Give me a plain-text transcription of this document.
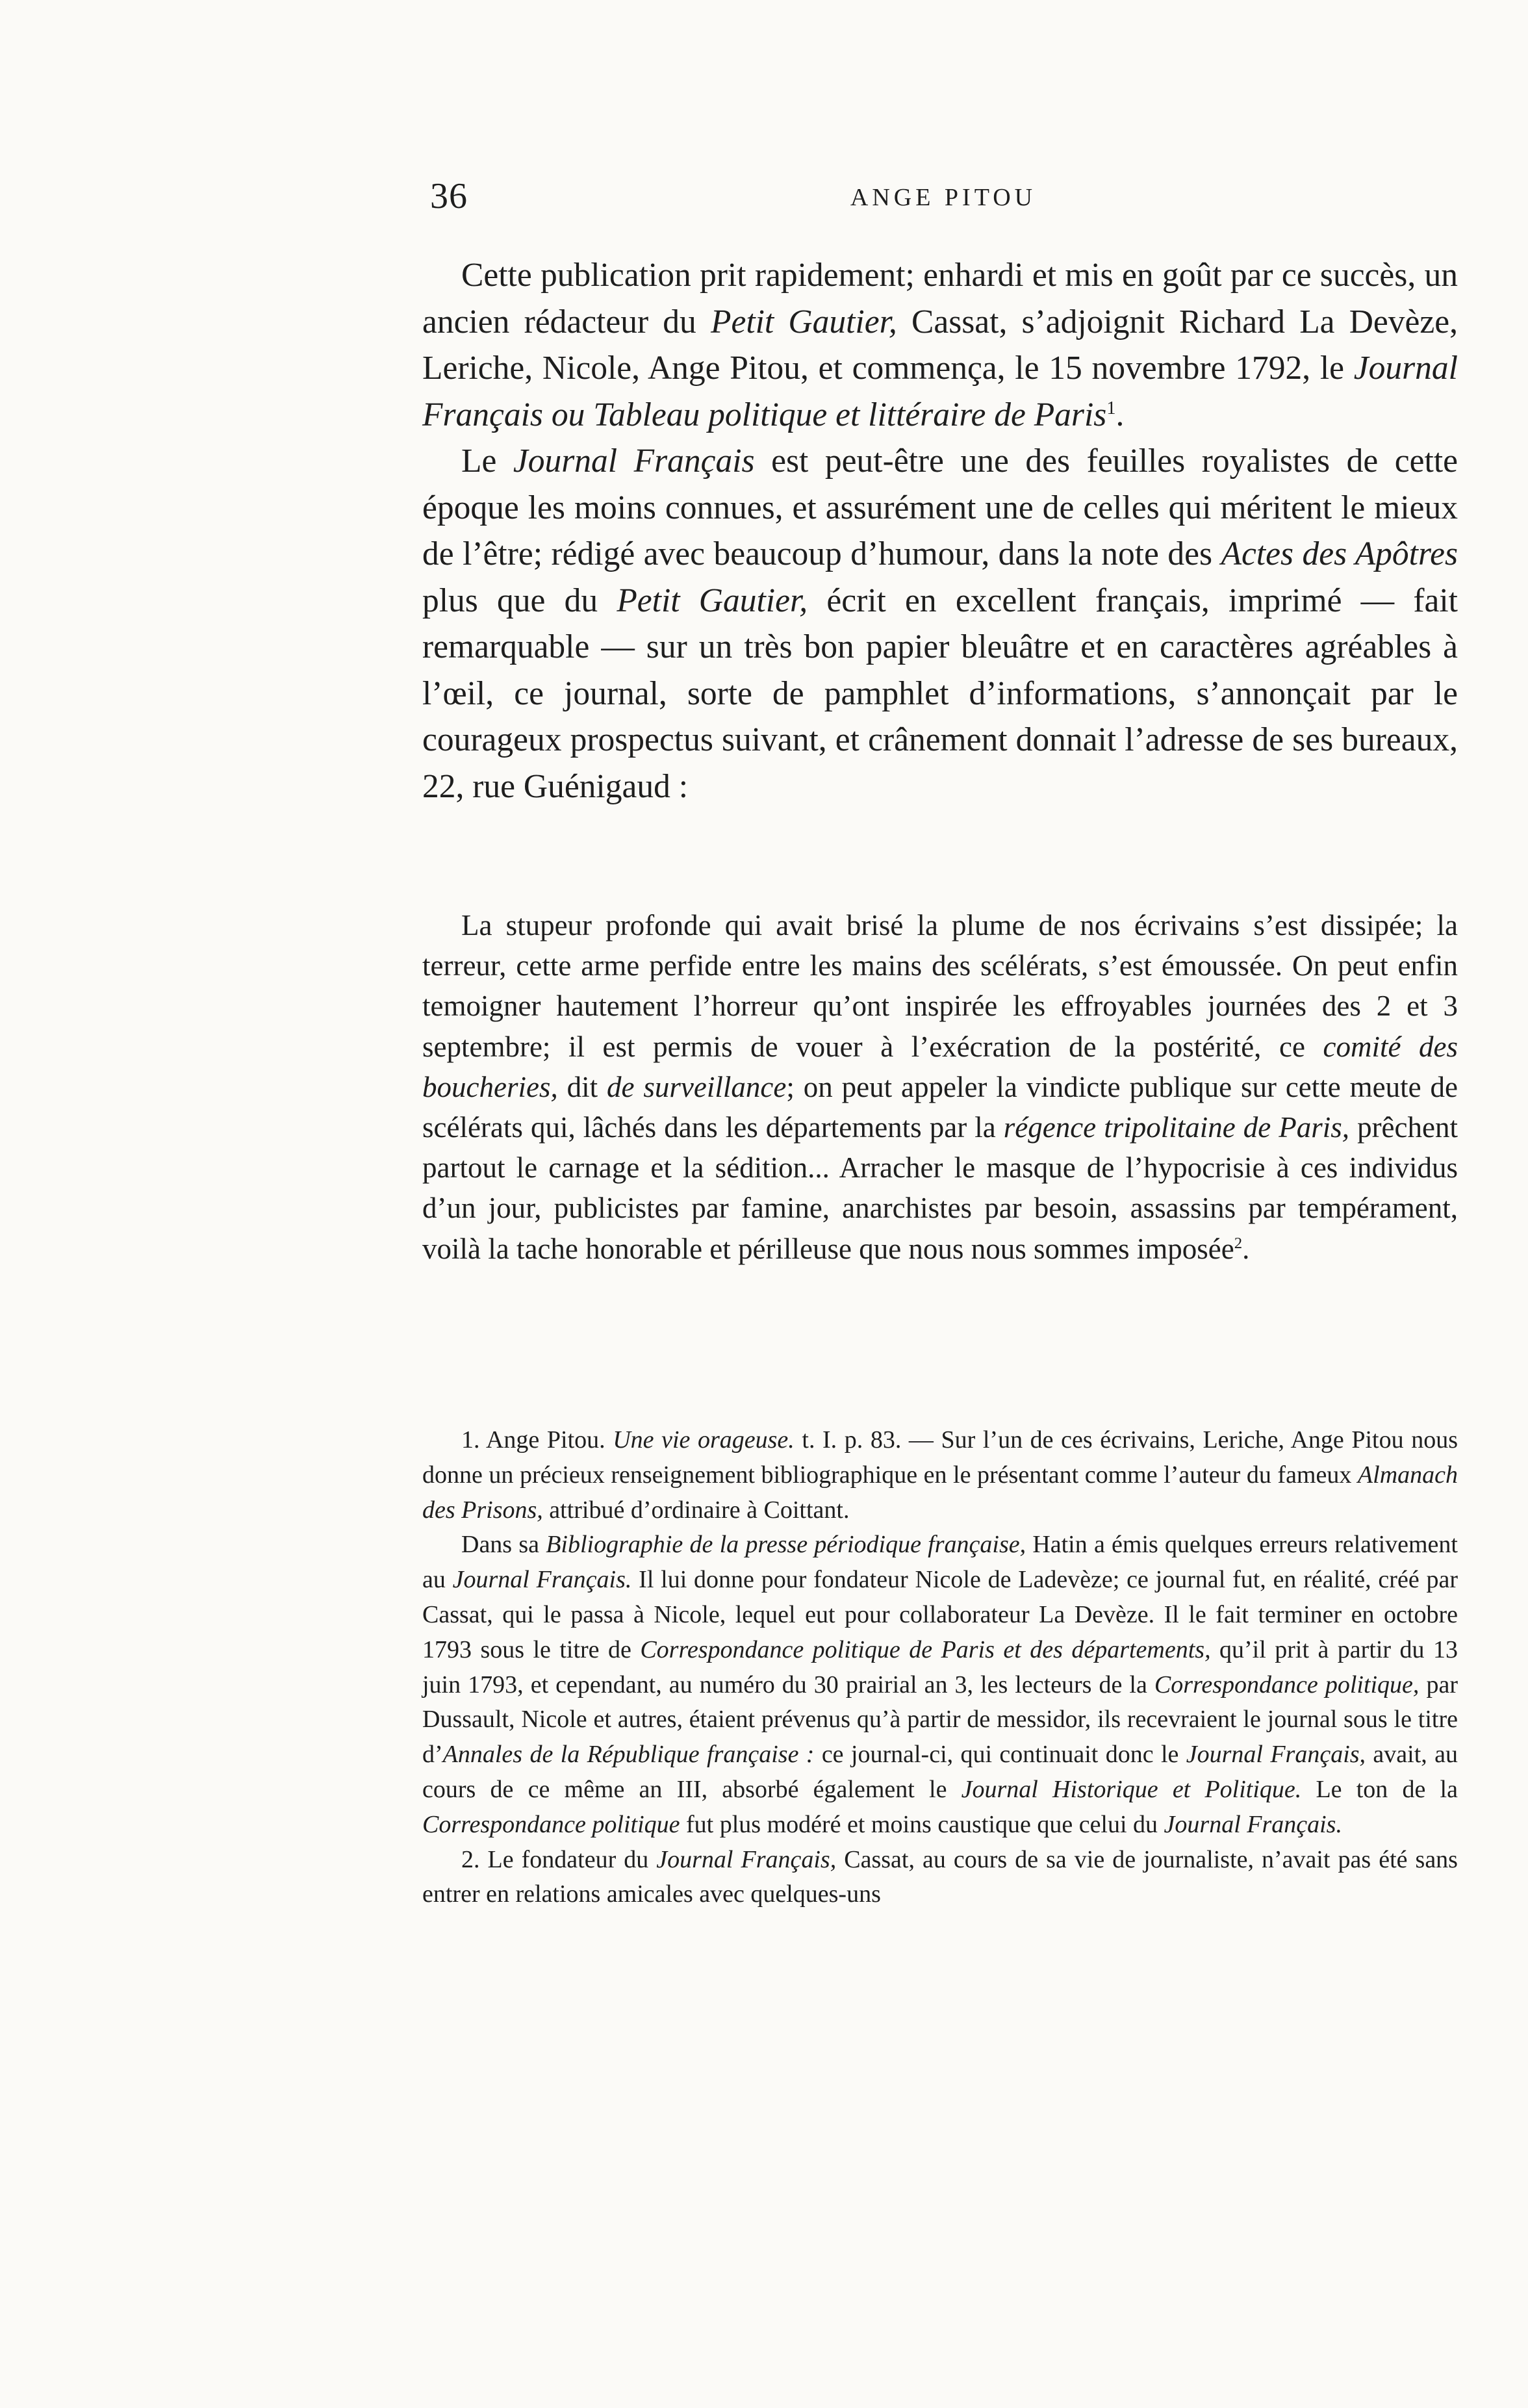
36	ANGE PITOU

Cette publication prit rapidement; enhardi et mis en goût par ce succès, un ancien rédacteur du Petit Gautier, Cassat, s’adjoignit Richard La Devèze, Leriche, Nicole, Ange Pitou, et commença, le 15 novembre 1792, le Journal Français ou Tableau politique et littéraire de Paris$^1$.

Le Journal Français est peut-être une des feuilles royalistes de cette époque les moins connues, et assurément une de celles qui méritent le mieux de l’être; rédigé avec beaucoup d’humour, dans la note des Actes des Apôtres plus que du Petit Gautier, écrit en excellent français, imprimé — fait remarquable — sur un très bon papier bleuâtre et en caractères agréables à l’œil, ce journal, sorte de pamphlet d’informations, s’annonçait par le courageux prospectus suivant, et crânement donnait l’adresse de ses bureaux, 22, rue Guénigaud :

La stupeur profonde qui avait brisé la plume de nos écrivains s’est dissipée; la terreur, cette arme perfide entre les mains des scélérats, s’est émoussée. On peut enfin temoigner hautement l’horreur qu’ont inspirée les effroyables journées des 2 et 3 septembre; il est permis de vouer à l’exécration de la postérité, ce comité des boucheries, dit de surveillance; on peut appeler la vindicte publique sur cette meute de scélérats qui, lâchés dans les départements par la régence tripolitaine de Paris, prêchent partout le carnage et la sédition... Arracher le masque de l’hypocrisie à ces individus d’un jour, publicistes par famine, anarchistes par besoin, assassins par tempérament, voilà la tache honorable et périlleuse que nous nous sommes imposée$^2$.

1. Ange Pitou. Une vie orageuse. t. I. p. 83. — Sur l’un de ces écrivains, Leriche, Ange Pitou nous donne un précieux renseignement bibliographique en le présentant comme l’auteur du fameux Almanach des Prisons, attribué d’ordinaire à Coittant.

Dans sa Bibliographie de la presse périodique française, Hatin a émis quelques erreurs relativement au Journal Français. Il lui donne pour fondateur Nicole de Ladevèze; ce journal fut, en réalité, créé par Cassat, qui le passa à Nicole, lequel eut pour collaborateur La Devèze. Il le fait terminer en octobre 1793 sous le titre de Correspondance politique de Paris et des départements, qu’il prit à partir du 13 juin 1793, et cependant, au numéro du 30 prairial an 3, les lecteurs de la Correspondance politique, par Dussault, Nicole et autres, étaient prévenus qu’à partir de messidor, ils recevraient le journal sous le titre d’Annales de la République française : ce journal-ci, qui continuait donc le Journal Français, avait, au cours de ce même an III, absorbé également le Journal Historique et Politique. Le ton de la Correspondance politique fut plus modéré et moins caustique que celui du Journal Français.

2. Le fondateur du Journal Français, Cassat, au cours de sa vie de journaliste, n’avait pas été sans entrer en relations amicales avec quelques-uns
